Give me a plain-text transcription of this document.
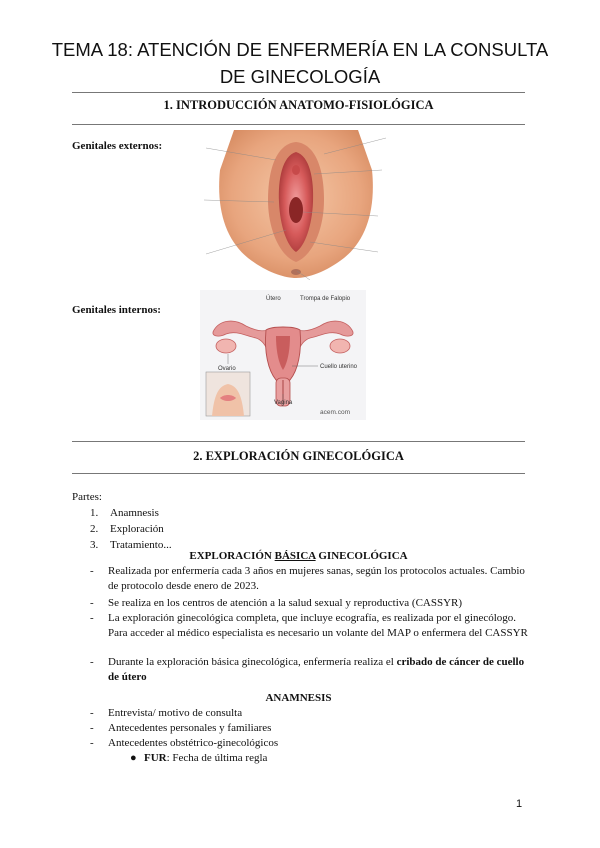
TEMA 18: ATENCIÓN DE ENFERMERÍA EN LA CONSULTA
DE GINECOLOGÍA
1. INTRODUCCIÓN ANATOMO-FISIOLÓGICA
Genitales externos:
Genitales internos:
Útero	Trompa de Falopio
Ovario	Cuello uterino
Vagina
acem.com
2. EXPLORACIÓN GINECOLÓGICA
Partes:
1. Anamnesis
2. Exploración
3. Tratamiento...
EXPLORACIÓN BÁSICA GINECOLÓGICA
- Realizada por enfermería cada 3 años en mujeres sanas, según los protocolos actuales. Cambio de protocolo desde enero de 2023.
- Se realiza en los centros de atención a la salud sexual y reproductiva (CASSYR)
- La exploración ginecológica completa, que incluye ecografía, es realizada por el ginecólogo. Para acceder al médico especialista es necesario un volante del MAP o enfermera del CASSYR
- Durante la exploración básica ginecológica, enfermería realiza el cribado de cáncer de cuello de útero
ANAMNESIS
- Entrevista/ motivo de consulta
- Antecedentes personales y familiares
- Antecedentes obstétrico-ginecológicos
● FUR: Fecha de última regla
1
